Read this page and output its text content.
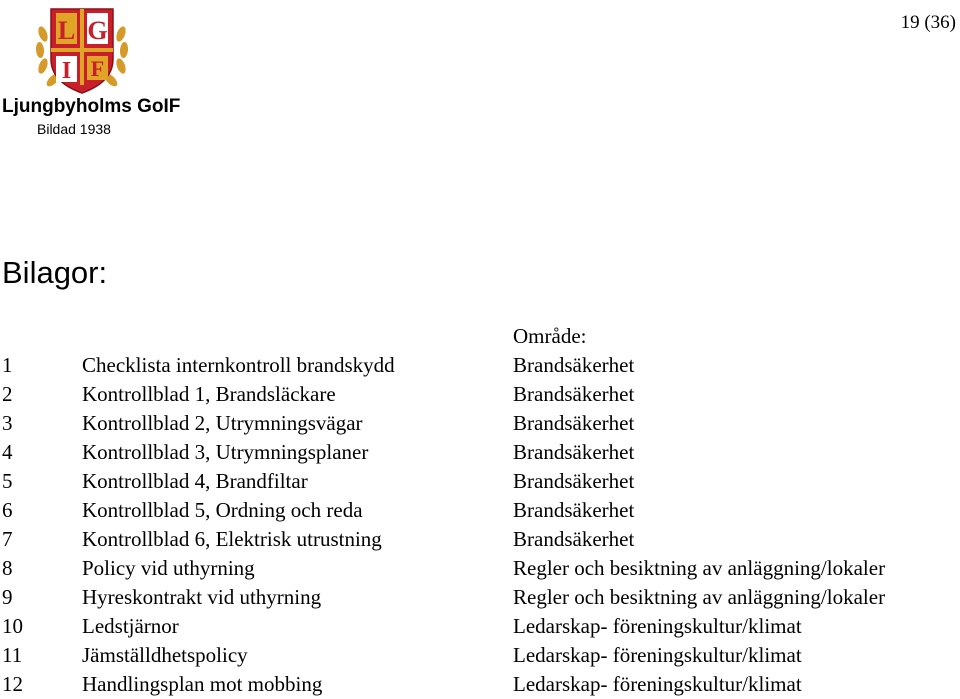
L G
I F
Ljungbyholms GoIF
Bildad 1938
19 (36)
Bilagor:
Område:
1	Checklista internkontroll brandskydd	Brandsäkerhet
2	Kontrollblad 1, Brandsläckare	Brandsäkerhet
3	Kontrollblad 2, Utrymningsvägar	Brandsäkerhet
4	Kontrollblad 3, Utrymningsplaner	Brandsäkerhet
5	Kontrollblad 4, Brandfiltar	Brandsäkerhet
6	Kontrollblad 5, Ordning och reda	Brandsäkerhet
7	Kontrollblad 6, Elektrisk utrustning	Brandsäkerhet
8	Policy vid uthyrning	Regler och besiktning av anläggning/lokaler
9	Hyreskontrakt vid uthyrning	Regler och besiktning av anläggning/lokaler
10	Ledstjärnor	Ledarskap- föreningskultur/klimat
11	Jämställdhetspolicy	Ledarskap- föreningskultur/klimat
12	Handlingsplan mot mobbing	Ledarskap- föreningskultur/klimat
